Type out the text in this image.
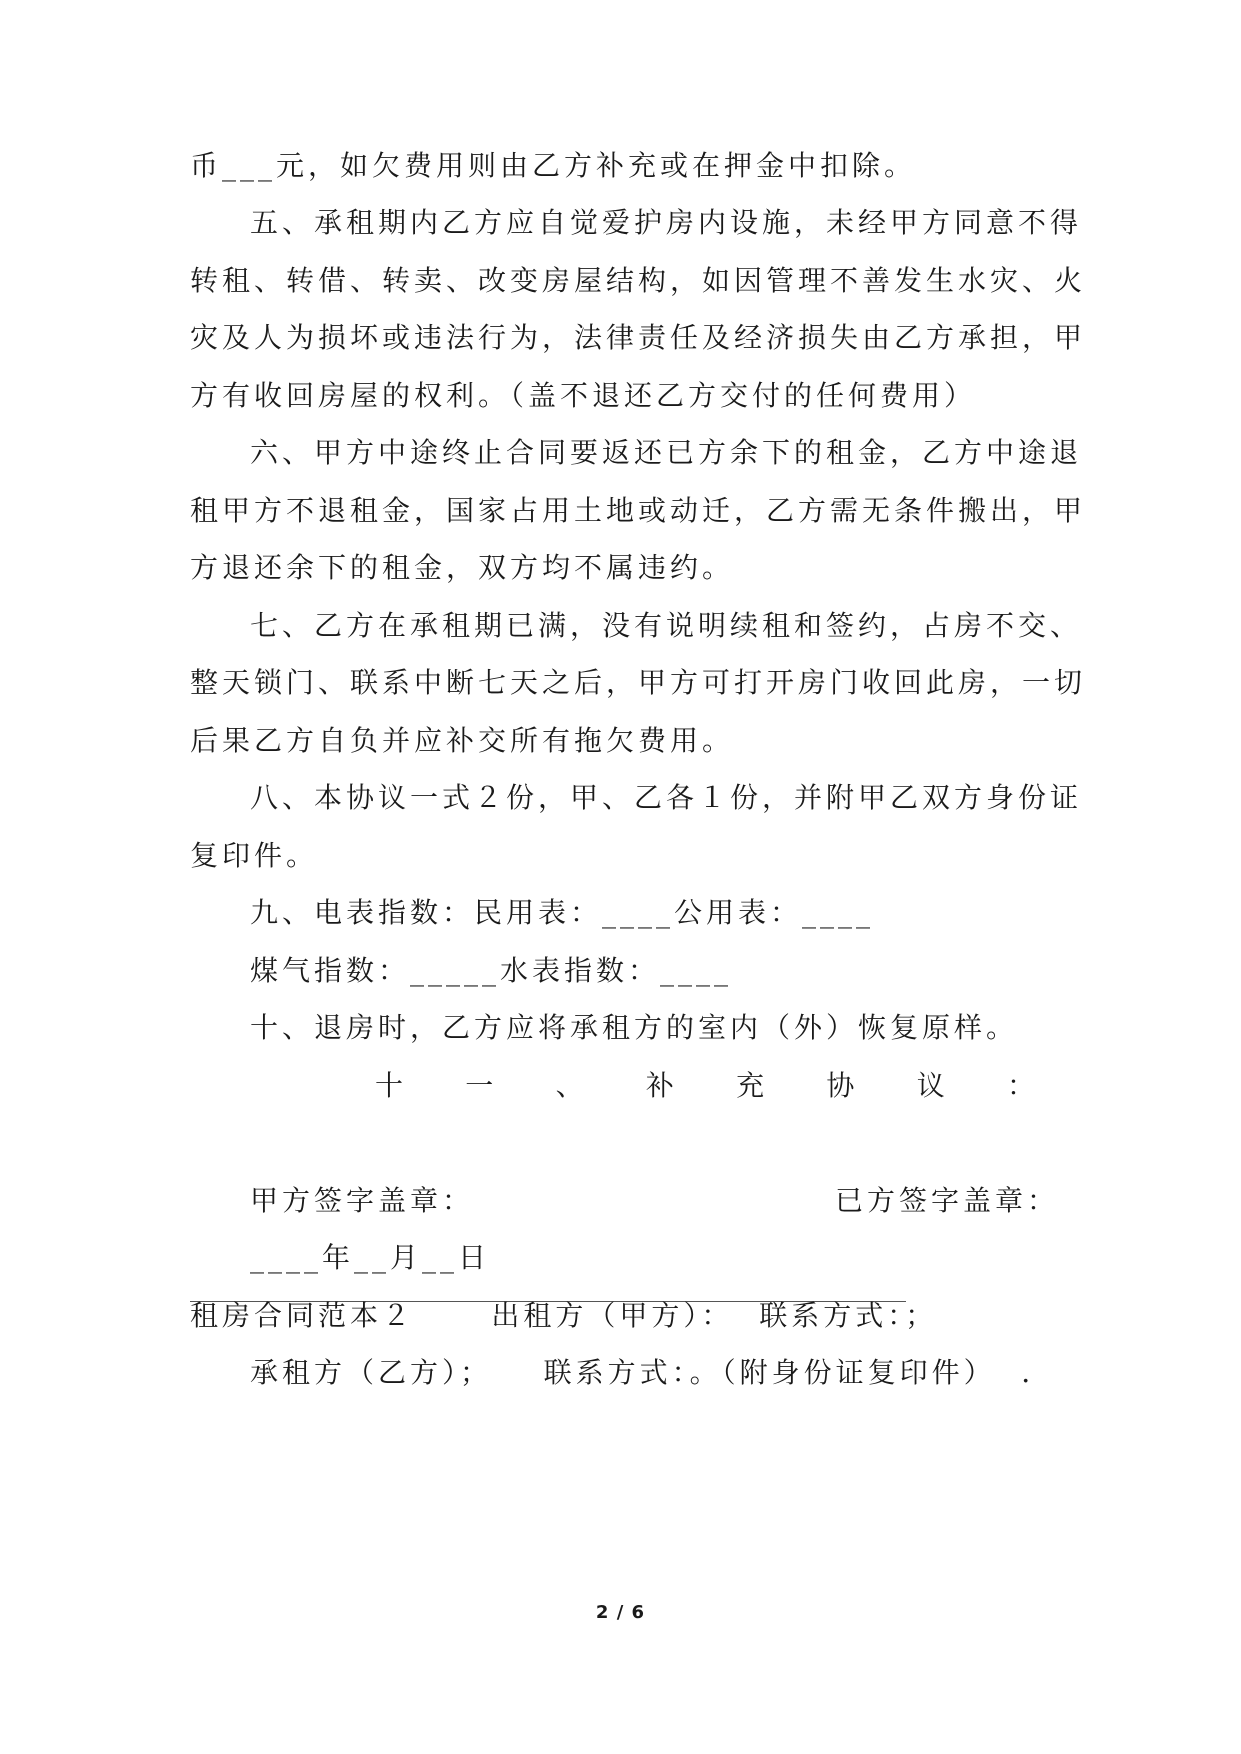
币___元，如欠费用则由乙方补充或在押金中扣除。
五、承租期内乙方应自觉爱护房内设施，未经甲方同意不得
转租、转借、转卖、改变房屋结构，如因管理不善发生水灾、火
灾及人为损坏或违法行为，法律责任及经济损失由乙方承担，甲
方有收回房屋的权利。（盖不退还乙方交付的任何费用）
六、甲方中途终止合同要返还已方余下的租金，乙方中途退
租甲方不退租金，国家占用土地或动迁，乙方需无条件搬出，甲
方退还余下的租金，双方均不属违约。
七、乙方在承租期已满，没有说明续租和签约，占房不交、
整天锁门、联系中断七天之后，甲方可打开房门收回此房，一切
后果乙方自负并应补交所有拖欠费用。
八、本协议一式２份，甲、乙各１份，并附甲乙双方身份证
复印件。
九、电表指数：民用表：____公用表：____
煤气指数：_____水表指数：____
十、退房时，乙方应将承租方的室内（外）恢复原样。
十 一 、 补 充 协 议 ：
甲方签字盖章：	已方签字盖章：
____年__月__日
租房合同范本２      出租方（甲方）：  联系方式：；
承租方（乙方）；    联系方式：。（附身份证复印件）  ．
2 / 6
